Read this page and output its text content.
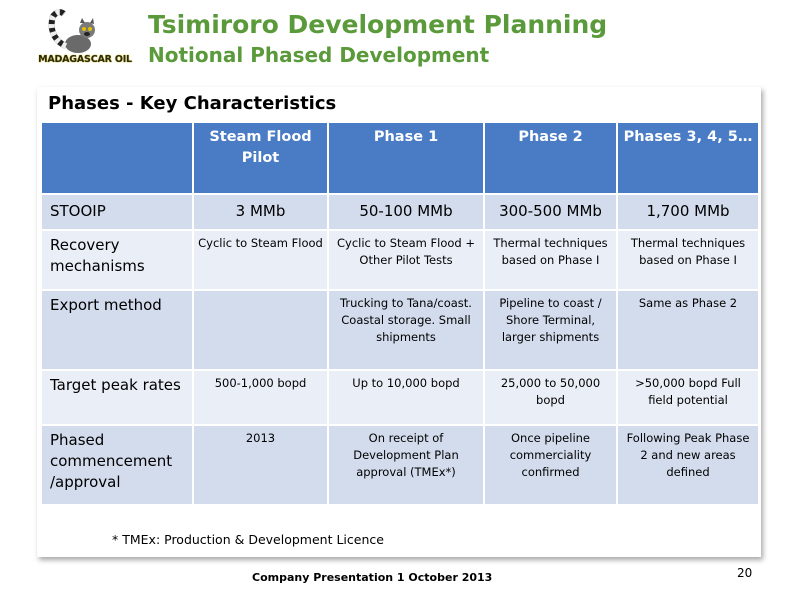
MADAGASCAR OIL
Tsimiroro Development Planning
Notional Phased Development
Phases - Key Characteristics
	Steam Flood Pilot	Phase 1	Phase 2	Phases 3, 4, 5…
STOOIP	3 MMb	50-100 MMb	300-500 MMb	1,700 MMb
Recovery mechanisms	Cyclic to Steam Flood	Cyclic to Steam Flood + Other Pilot Tests	Thermal techniques based on Phase I	Thermal techniques based on Phase I
Export method		Trucking to Tana/coast. Coastal storage. Small shipments	Pipeline to coast / Shore Terminal, larger shipments	Same as Phase 2
Target peak rates	500-1,000 bopd	Up to 10,000 bopd	25,000 to 50,000 bopd	>50,000 bopd Full field potential
Phased commencement /approval	2013	On receipt of Development Plan approval (TMEx*)	Once pipeline commerciality confirmed	Following Peak Phase 2 and new areas defined
* TMEx: Production & Development Licence
Company Presentation 1 October 2013	20
